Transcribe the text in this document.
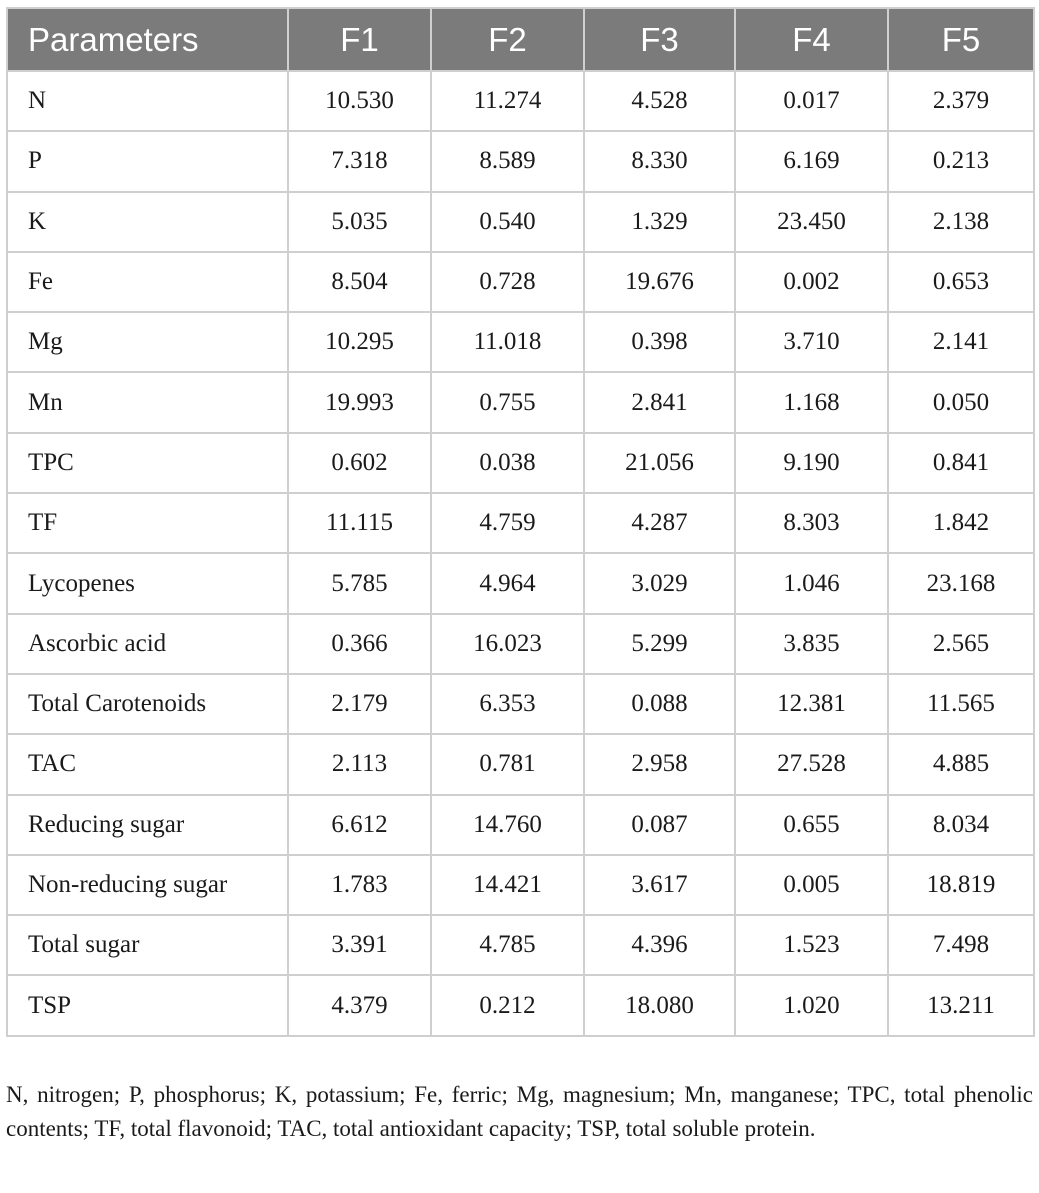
Parameters	F1	F2	F3	F4	F5
N	10.530	11.274	4.528	0.017	2.379
P	7.318	8.589	8.330	6.169	0.213
K	5.035	0.540	1.329	23.450	2.138
Fe	8.504	0.728	19.676	0.002	0.653
Mg	10.295	11.018	0.398	3.710	2.141
Mn	19.993	0.755	2.841	1.168	0.050
TPC	0.602	0.038	21.056	9.190	0.841
TF	11.115	4.759	4.287	8.303	1.842
Lycopenes	5.785	4.964	3.029	1.046	23.168
Ascorbic acid	0.366	16.023	5.299	3.835	2.565
Total Carotenoids	2.179	6.353	0.088	12.381	11.565
TAC	2.113	0.781	2.958	27.528	4.885
Reducing sugar	6.612	14.760	0.087	0.655	8.034
Non-reducing sugar	1.783	14.421	3.617	0.005	18.819
Total sugar	3.391	4.785	4.396	1.523	7.498
TSP	4.379	0.212	18.080	1.020	13.211

N, nitrogen; P, phosphorus; K, potassium; Fe, ferric; Mg, magnesium; Mn, manganese; TPC, total phenolic contents; TF, total flavonoid; TAC, total antioxidant capacity; TSP, total soluble protein.
